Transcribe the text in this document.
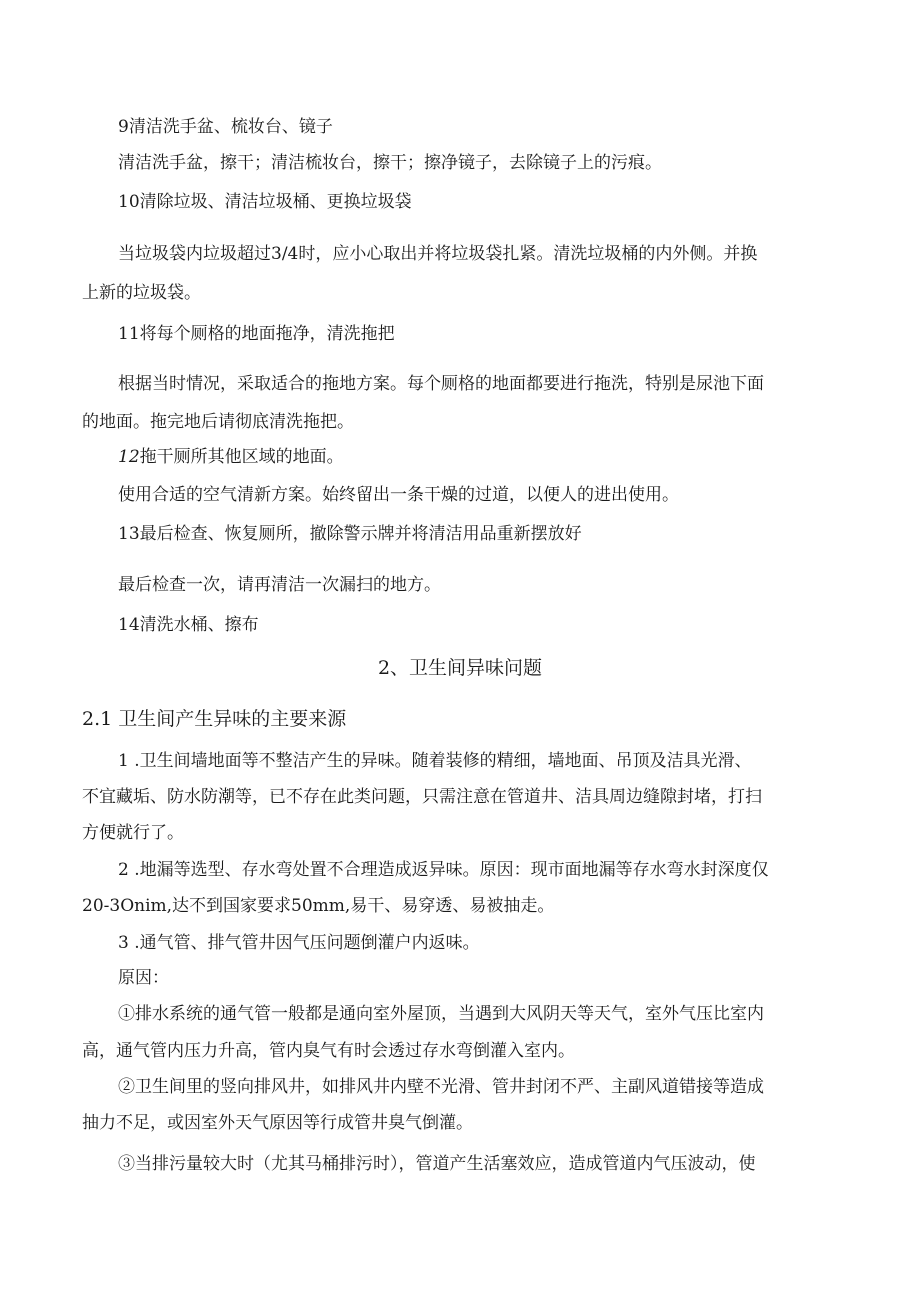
9清洁洗手盆、梳妆台、镜子
清洁洗手盆，擦干；清洁梳妆台，擦干；擦净镜子，去除镜子上的污痕。
10清除垃圾、清洁垃圾桶、更换垃圾袋
当垃圾袋内垃圾超过3/4时，应小心取出并将垃圾袋扎紧。清洗垃圾桶的内外侧。并换
上新的垃圾袋。
11将每个厕格的地面拖净，清洗拖把
根据当时情况，采取适合的拖地方案。每个厕格的地面都要进行拖洗，特别是尿池下面
的地面。拖完地后请彻底清洗拖把。
12拖干厕所其他区域的地面。
使用合适的空气清新方案。始终留出一条干燥的过道，以便人的进出使用。
13最后检查、恢复厕所，撤除警示牌并将清洁用品重新摆放好
最后检查一次，请再清洁一次漏扫的地方。
14清洗水桶、擦布
2、卫生间异味问题
2.1 卫生间产生异味的主要来源
1 .卫生间墙地面等不整洁产生的异味。随着装修的精细，墙地面、吊顶及洁具光滑、
不宜藏垢、防水防潮等，已不存在此类问题，只需注意在管道井、洁具周边缝隙封堵，打扫
方便就行了。
2 .地漏等选型、存水弯处置不合理造成返异味。原因：现市面地漏等存水弯水封深度仅
20-3Onim,达不到国家要求50mm,易干、易穿透、易被抽走。
3 .通气管、排气管井因气压问题倒灌户内返味。
原因：
①排水系统的通气管一般都是通向室外屋顶，当遇到大风阴天等天气，室外气压比室内
高，通气管内压力升高，管内臭气有时会透过存水弯倒灌入室内。
②卫生间里的竖向排风井，如排风井内壁不光滑、管井封闭不严、主副风道错接等造成
抽力不足，或因室外天气原因等行成管井臭气倒灌。
③当排污量较大时（尤其马桶排污时），管道产生活塞效应，造成管道内气压波动，使
